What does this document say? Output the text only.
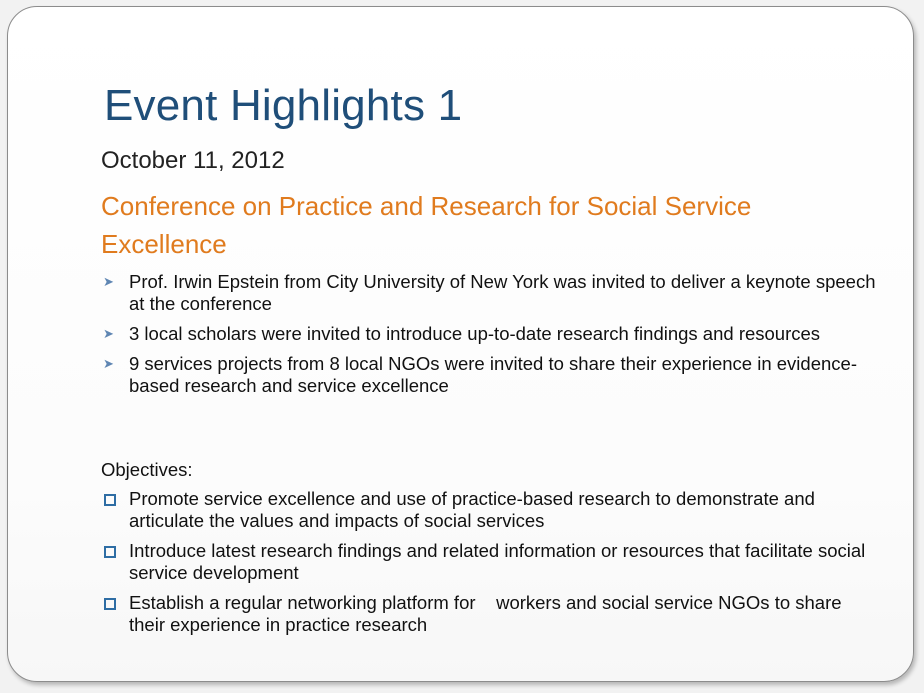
Event Highlights 1
October 11, 2012
Conference on Practice and Research for Social Service Excellence
➤ Prof. Irwin Epstein from City University of New York was invited to deliver a keynote speech at the conference
➤ 3 local scholars were invited to introduce up-to-date research findings and resources
➤ 9 services projects from 8 local NGOs were invited to share their experience in evidence-based research and service excellence
Objectives:
Promote service excellence and use of practice-based research to demonstrate and articulate the values and impacts of social services
Introduce latest research findings and related information or resources that facilitate social service development
Establish a regular networking platform for    workers and social service NGOs to share their experience in practice research
